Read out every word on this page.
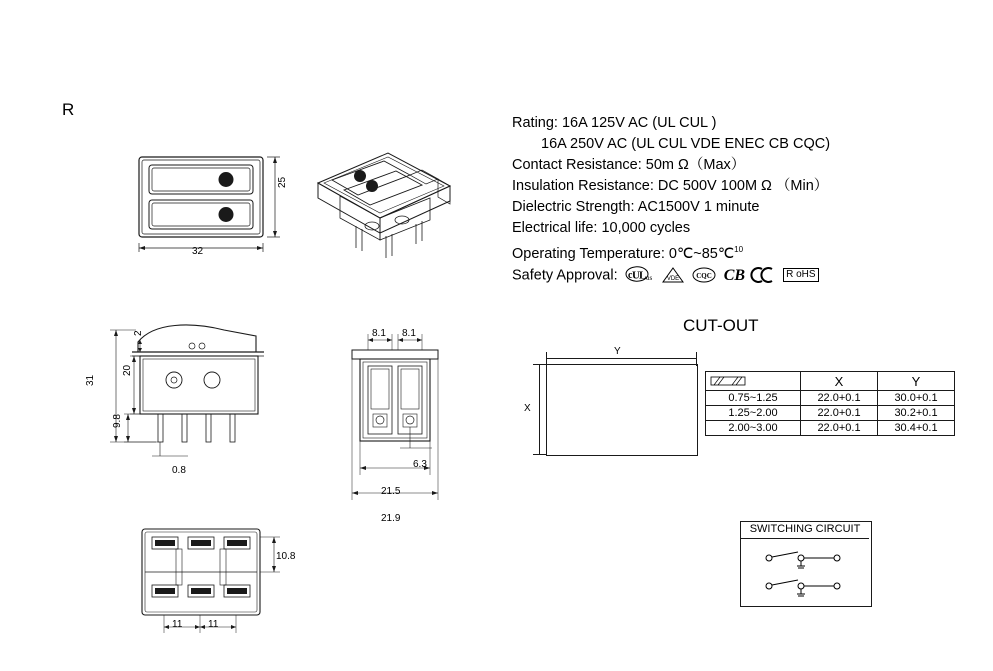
R
Rating: 16A 125V AC (UL CUL )
16A 250V AC (UL CUL VDE ENEC CB CQC)
Contact Resistance: 50m Ω（Max）
Insulation Resistance: DC 500V 100M Ω （Min）
Dielectric Strength: AC1500V 1 minute
Electrical life: 10,000 cycles
Operating Temperature: 0℃~85℃$^{10}$
Safety Approval: c U L us
VDE
CQC CB	R oHS
CUT-OUT
Y
X
	X	Y
0.75~1.25	22.0+0.1	30.0+0.1
1.25~2.00	22.0+0.1	30.2+0.1
2.00~3.00	22.0+0.1	30.4+0.1
SWITCHING CIRCUIT
32
25
31
20
9.8
2
0.8
8.1 8.1
6.3
21.5
21.9
10.8
11	11
